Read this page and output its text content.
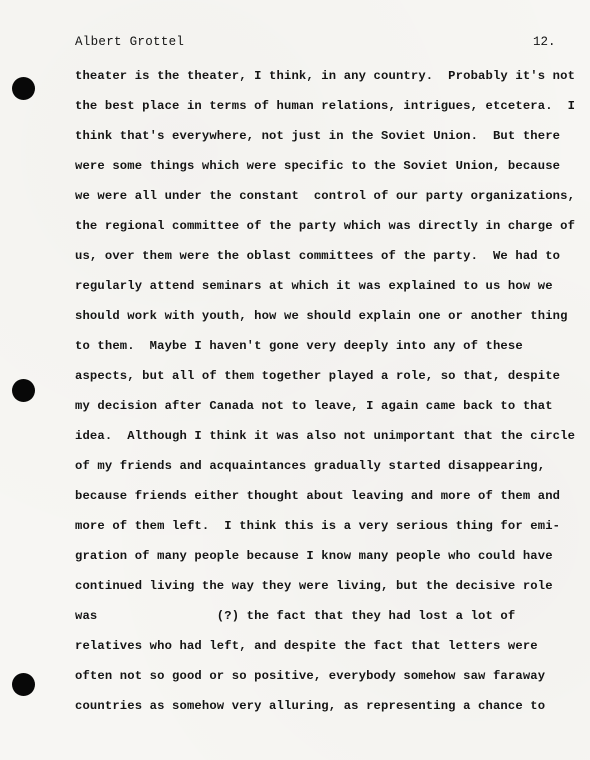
Albert Grottel	12.
theater is the theater, I think, in any country.  Probably it's not
the best place in terms of human relations, intrigues, etcetera.  I
think that's everywhere, not just in the Soviet Union.  But there
were some things which were specific to the Soviet Union, because
we were all under the constant  control of our party organizations,
the regional committee of the party which was directly in charge of
us, over them were the oblast committees of the party.  We had to
regularly attend seminars at which it was explained to us how we
should work with youth, how we should explain one or another thing
to them.  Maybe I haven't gone very deeply into any of these
aspects, but all of them together played a role, so that, despite
my decision after Canada not to leave, I again came back to that
idea.  Although I think it was also not unimportant that the circle
of my friends and acquaintances gradually started disappearing,
because friends either thought about leaving and more of them and
more of them left.  I think this is a very serious thing for emi-
gration of many people because I know many people who could have
continued living the way they were living, but the decisive role
was                (?) the fact that they had lost a lot of
relatives who had left, and despite the fact that letters were
often not so good or so positive, everybody somehow saw faraway
countries as somehow very alluring, as representing a chance to
